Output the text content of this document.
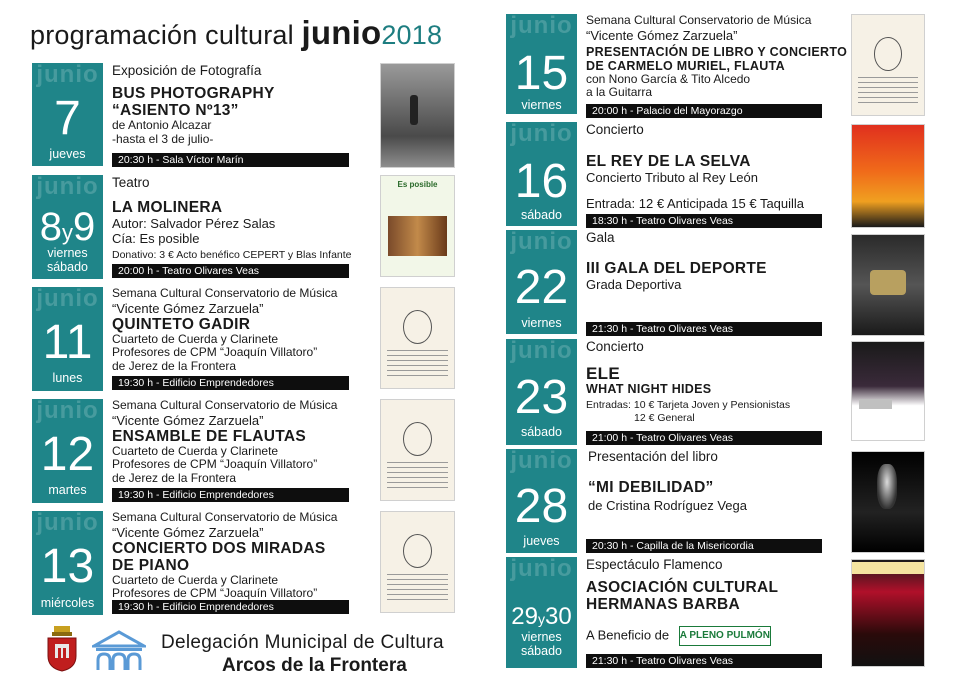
programación cultural junio2018
junio
7
jueves
Exposición de Fotografía
BUS PHOTOGRAPHY
“ASIENTO Nº13”
de Antonio Alcazar
-hasta el 3 de julio-
20:30 h - Sala Víctor Marín
junio
8y9
viernes
sábado
Teatro
LA MOLINERA
Autor: Salvador Pérez Salas
Cía: Es posible
Donativo: 3 € Acto benéfico CEPERT y Blas Infante
20:00 h - Teatro Olivares Veas
Es posible
junio
11
lunes
Semana Cultural Conservatorio de Música
“Vicente Gómez Zarzuela”
QUINTETO GADIR
Cuarteto de Cuerda y Clarinete
Profesores de CPM “Joaquín Villatoro”
de Jerez de la Frontera
19:30 h - Edificio Emprendedores
junio
12
martes
Semana Cultural Conservatorio de Música
“Vicente Gómez Zarzuela”
ENSAMBLE DE FLAUTAS
Cuarteto de Cuerda y Clarinete
Profesores de CPM “Joaquín Villatoro”
de Jerez de la Frontera
19:30 h - Edificio Emprendedores
junio
13
miércoles
Semana Cultural Conservatorio de Música
“Vicente Gómez Zarzuela”
CONCIERTO DOS MIRADAS
DE PIANO
Cuarteto de Cuerda y Clarinete
Profesores de CPM “Joaquín Villatoro”
19:30 h - Edificio Emprendedores
junio
15
viernes
Semana Cultural Conservatorio de Música
“Vicente Gómez Zarzuela”
PRESENTACIÓN DE LIBRO Y CONCIERTO
DE CARMELO MURIEL, FLAUTA
con Nono García & Tito Alcedo
a la Guitarra
20:00 h - Palacio del Mayorazgo
junio
16
sábado
Concierto
EL REY DE LA SELVA
Concierto Tributo al Rey León
Entrada: 12 € Anticipada 15 € Taquilla
18:30 h - Teatro Olivares Veas
junio
22
viernes
Gala
III GALA DEL DEPORTE
Grada Deportiva
21:30 h - Teatro Olivares Veas
junio
23
sábado
Concierto
ELE
WHAT NIGHT HIDES
Entradas: 10 € Tarjeta Joven y Pensionistas
12 € General
21:00 h - Teatro Olivares Veas
junio
28
jueves
Presentación del libro
“MI DEBILIDAD”
de Cristina Rodríguez Vega
20:30 h - Capilla de la Misericordia
junio
29y30
viernes
sábado
Espectáculo Flamenco
ASOCIACIÓN CULTURAL
HERMANAS BARBA
A Beneficio de A PLENO PULMÓN
21:30 h - Teatro Olivares Veas
Delegación Municipal de Cultura
Arcos de la Frontera
